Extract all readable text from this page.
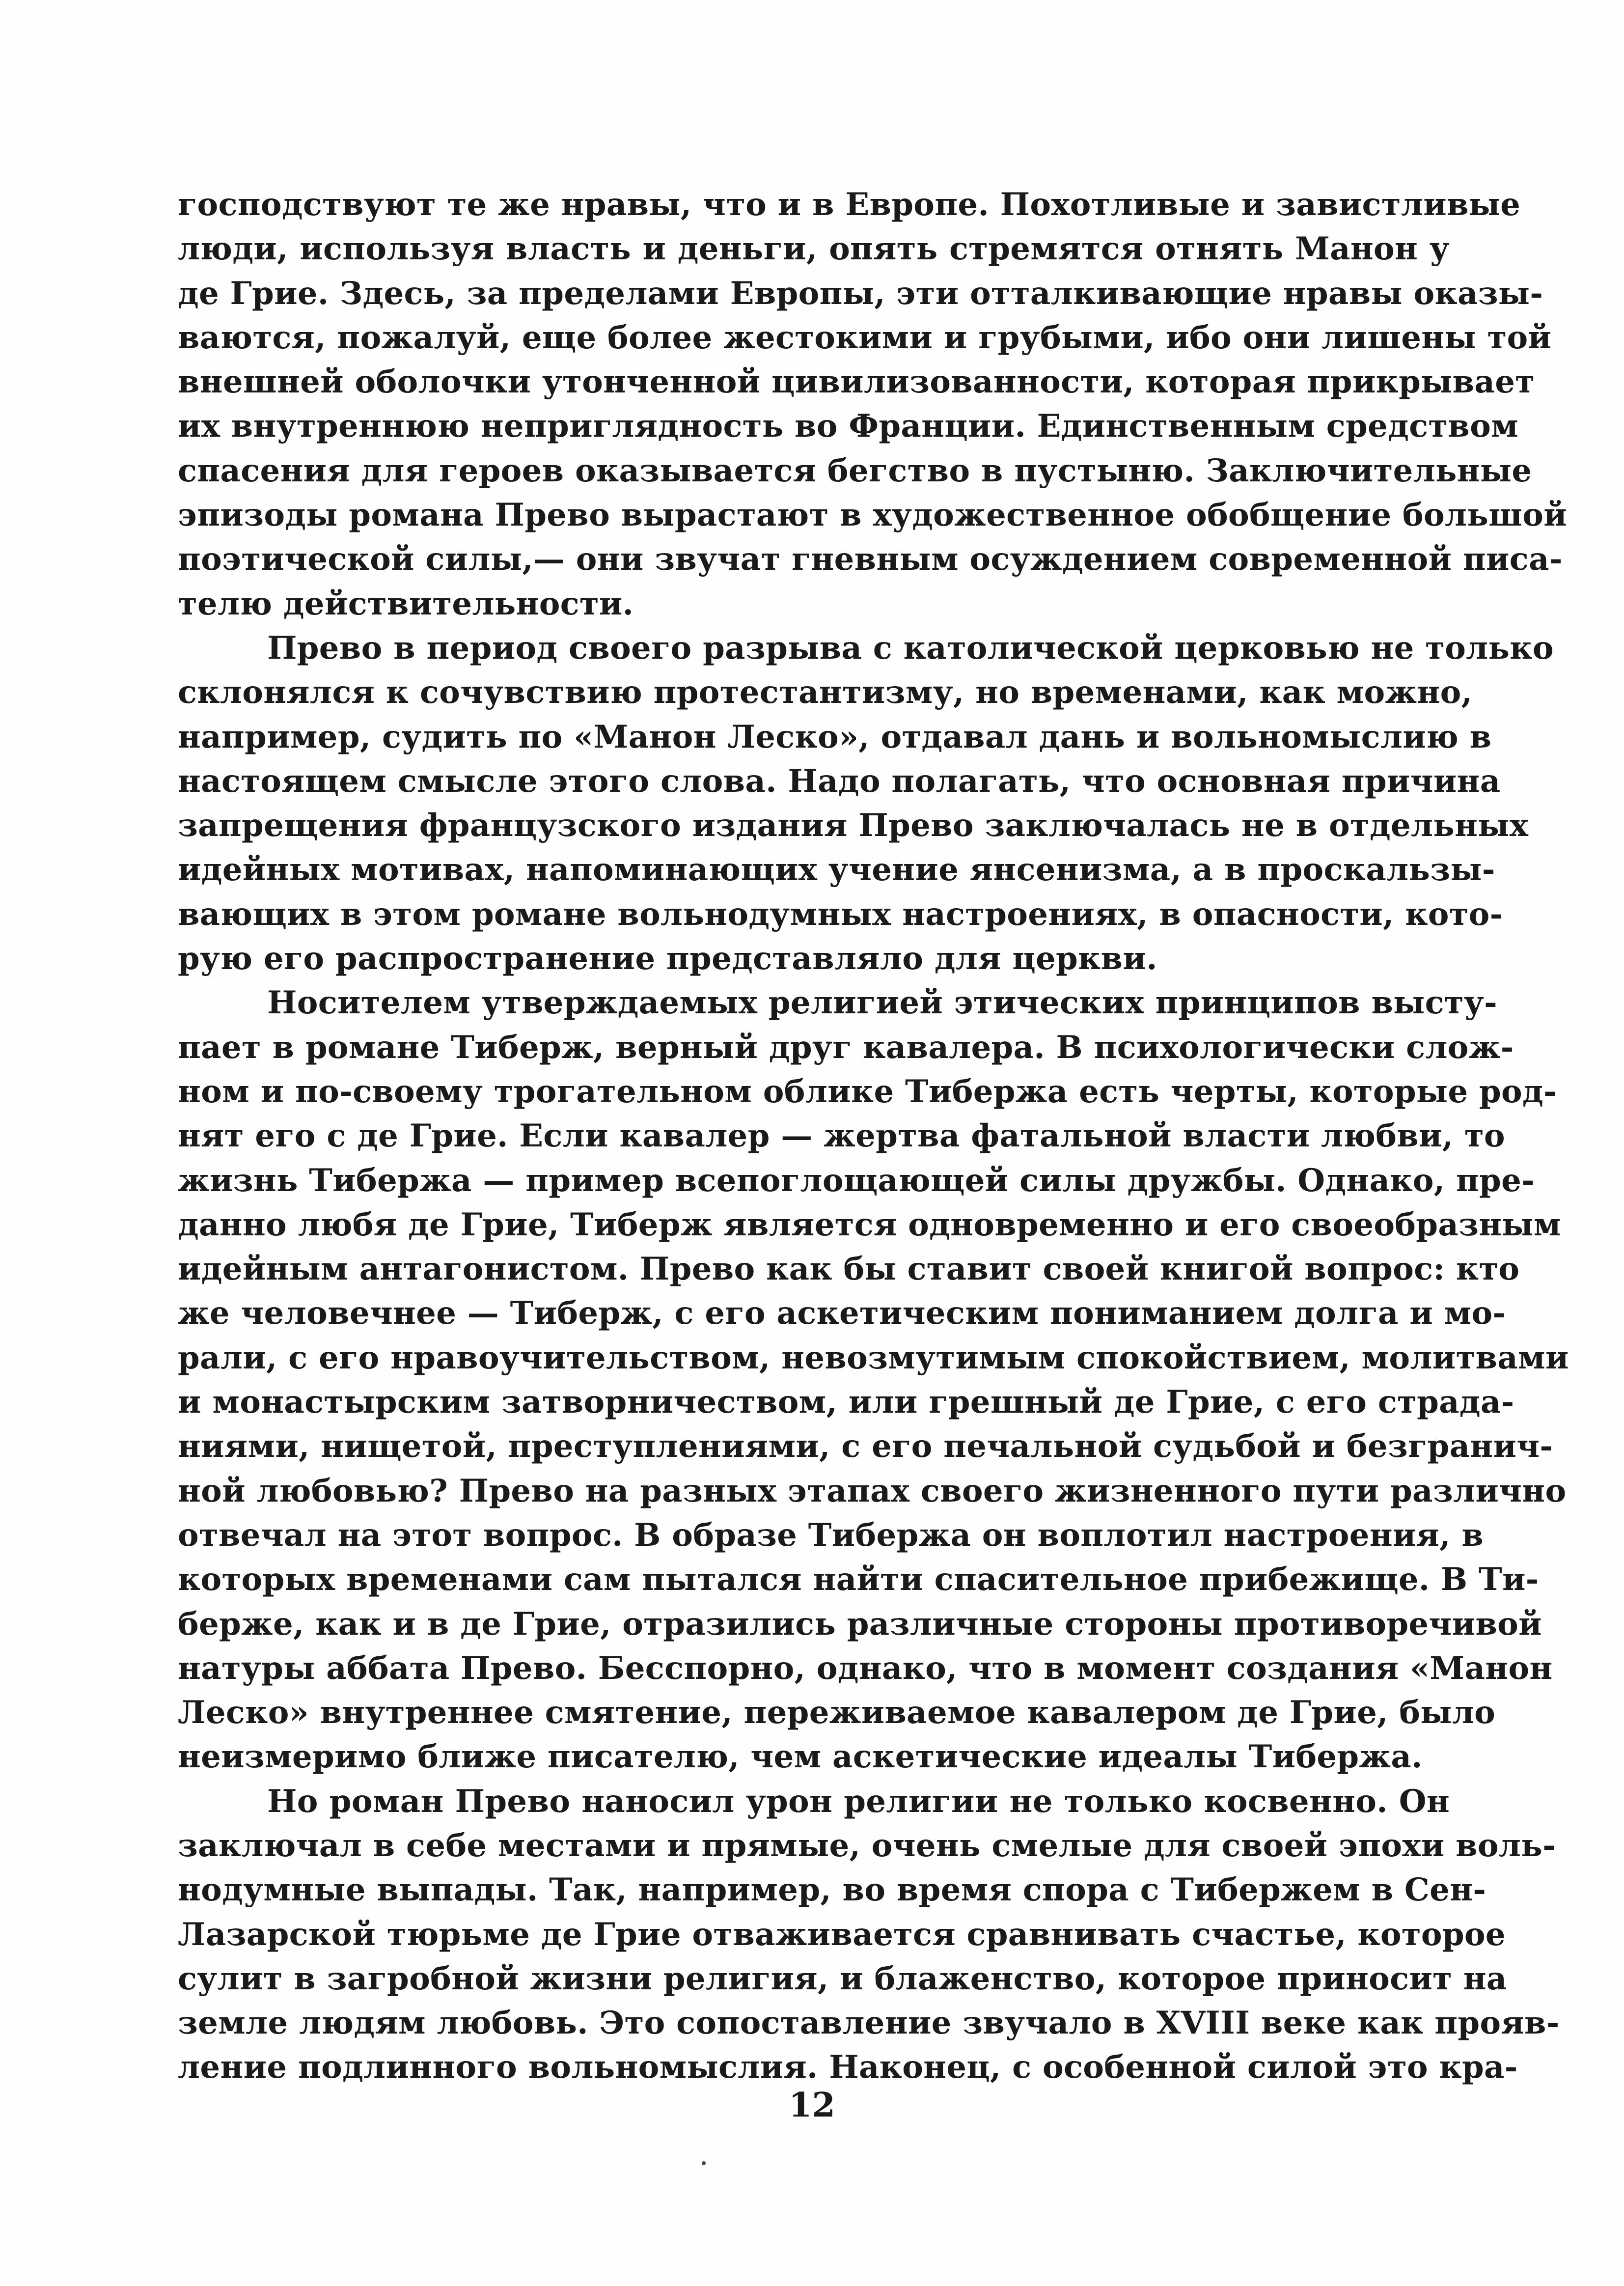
господствуют те же нравы, что и в Европе. Похотливые и завистливые
люди, используя власть и деньги, опять стремятся отнять Манон у
де Грие. Здесь, за пределами Европы, эти отталкивающие нравы оказы-
ваются, пожалуй, еще более жестокими и грубыми, ибо они лишены той
внешней оболочки утонченной цивилизованности, которая прикрывает
их внутреннюю неприглядность во Франции. Единственным средством
спасения для героев оказывается бегство в пустыню. Заключительные
эпизоды романа Прево вырастают в художественное обобщение большой
поэтической силы,— они звучат гневным осуждением современной писа-
телю действительности.
Прево в период своего разрыва с католической церковью не только
склонялся к сочувствию протестантизму, но временами, как можно,
например, судить по «Манон Леско», отдавал дань и вольномыслию в
настоящем смысле этого слова. Надо полагать, что основная причина
запрещения французского издания Прево заключалась не в отдельных
идейных мотивах, напоминающих учение янсенизма, а в проскальзы-
вающих в этом романе вольнодумных настроениях, в опасности, кото-
рую его распространение представляло для церкви.
Носителем утверждаемых религией этических принципов высту-
пает в романе Тиберж, верный друг кавалера. В психологически слож-
ном и по-своему трогательном облике Тибержа есть черты, которые род-
нят его с де Грие. Если кавалер — жертва фатальной власти любви, то
жизнь Тибержа — пример всепоглощающей силы дружбы. Однако, пре-
данно любя де Грие, Тиберж является одновременно и его своеобразным
идейным антагонистом. Прево как бы ставит своей книгой вопрос: кто
же человечнее — Тиберж, с его аскетическим пониманием долга и мо-
рали, с его нравоучительством, невозмутимым спокойствием, молитвами
и монастырским затворничеством, или грешный де Грие, с его страда-
ниями, нищетой, преступлениями, с его печальной судьбой и безгранич-
ной любовью? Прево на разных этапах своего жизненного пути различно
отвечал на этот вопрос. В образе Тибержа он воплотил настроения, в
которых временами сам пытался найти спасительное прибежище. В Ти-
берже, как и в де Грие, отразились различные стороны противоречивой
натуры аббата Прево. Бесспорно, однако, что в момент создания «Манон
Леско» внутреннее смятение, переживаемое кавалером де Грие, было
неизмеримо ближе писателю, чем аскетические идеалы Тибержа.
Но роман Прево наносил урон религии не только косвенно. Он
заключал в себе местами и прямые, очень смелые для своей эпохи воль-
нодумные выпады. Так, например, во время спора с Тибержем в Сен-
Лазарской тюрьме де Грие отваживается сравнивать счастье, которое
сулит в загробной жизни религия, и блаженство, которое приносит на
земле людям любовь. Это сопоставление звучало в XVIII веке как прояв-
ление подлинного вольномыслия. Наконец, с особенной силой это кра-
12
